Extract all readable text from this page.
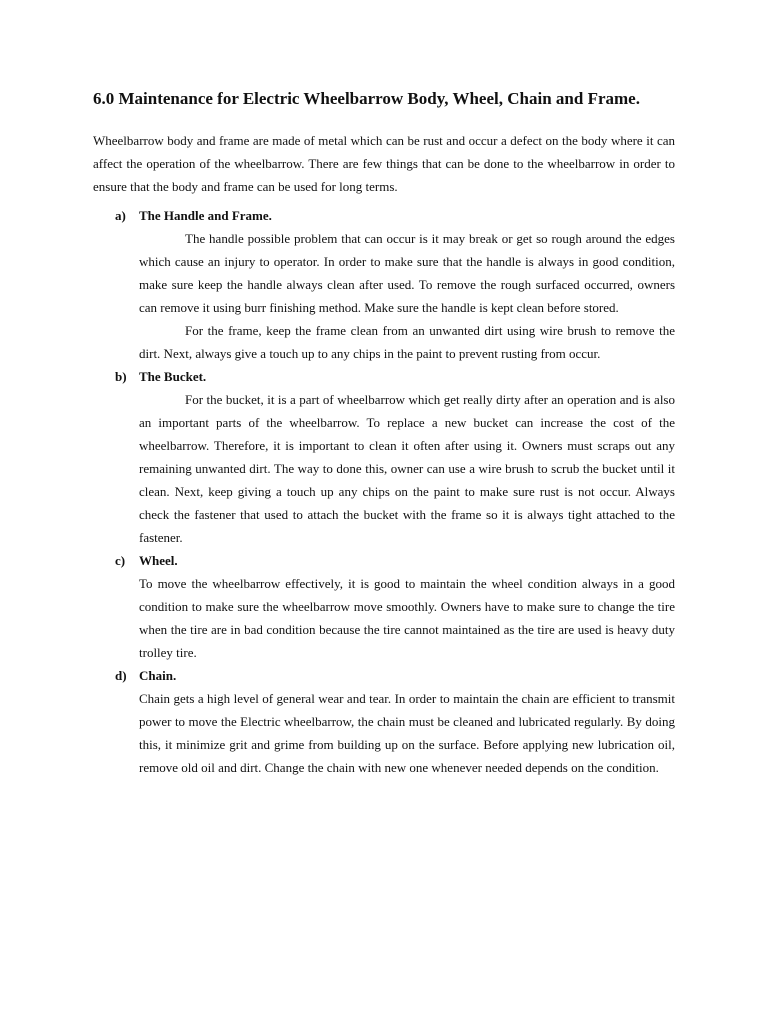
6.0 Maintenance for Electric Wheelbarrow Body, Wheel, Chain and Frame.

Wheelbarrow body and frame are made of metal which can be rust and occur a defect on the body where it can affect the operation of the wheelbarrow. There are few things that can be done to the wheelbarrow in order to ensure that the body and frame can be used for long terms.

a) The Handle and Frame.

The handle possible problem that can occur is it may break or get so rough around the edges which cause an injury to operator. In order to make sure that the handle is always in good condition, make sure keep the handle always clean after used. To remove the rough surfaced occurred, owners can remove it using burr finishing method. Make sure the handle is kept clean before stored.

For the frame, keep the frame clean from an unwanted dirt using wire brush to remove the dirt. Next, always give a touch up to any chips in the paint to prevent rusting from occur.

b) The Bucket.

For the bucket, it is a part of wheelbarrow which get really dirty after an operation and is also an important parts of the wheelbarrow. To replace a new bucket can increase the cost of the wheelbarrow. Therefore, it is important to clean it often after using it. Owners must scraps out any remaining unwanted dirt. The way to done this, owner can use a wire brush to scrub the bucket until it clean. Next, keep giving a touch up any chips on the paint to make sure rust is not occur. Always check the fastener that used to attach the bucket with the frame so it is always tight attached to the fastener.

c) Wheel.

To move the wheelbarrow effectively, it is good to maintain the wheel condition always in a good condition to make sure the wheelbarrow move smoothly. Owners have to make sure to change the tire when the tire are in bad condition because the tire cannot maintained as the tire are used is heavy duty trolley tire.

d) Chain.

Chain gets a high level of general wear and tear. In order to maintain the chain are efficient to transmit power to move the Electric wheelbarrow, the chain must be cleaned and lubricated regularly. By doing this, it minimize grit and grime from building up on the surface. Before applying new lubrication oil, remove old oil and dirt. Change the chain with new one whenever needed depends on the condition.
